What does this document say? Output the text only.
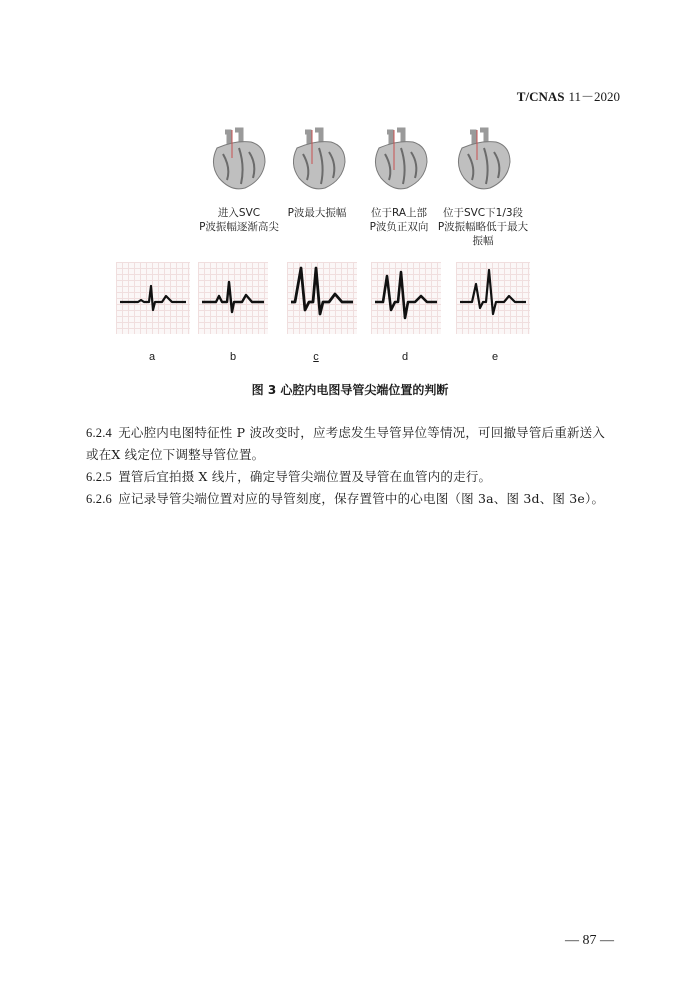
T/CNAS 11－2020
进入SVC
P波振幅逐渐高尖
P波最大振幅	位于RA上部
P波负正双向
位于SVC下1/3段
P波振幅略低于最大
振幅
a	b	c	d	e
图 3 心腔内电图导管尖端位置的判断
6.2.4 无心腔内电图特征性 P 波改变时，应考虑发生导管异位等情况，可回撤导管后重新送入或在X 线定位下调整导管位置。
6.2.5 置管后宜拍摄 X 线片，确定导管尖端位置及导管在血管内的走行。
6.2.6 应记录导管尖端位置对应的导管刻度，保存置管中的心电图（图 3a、图 3d、图 3e）。
— 87 —
